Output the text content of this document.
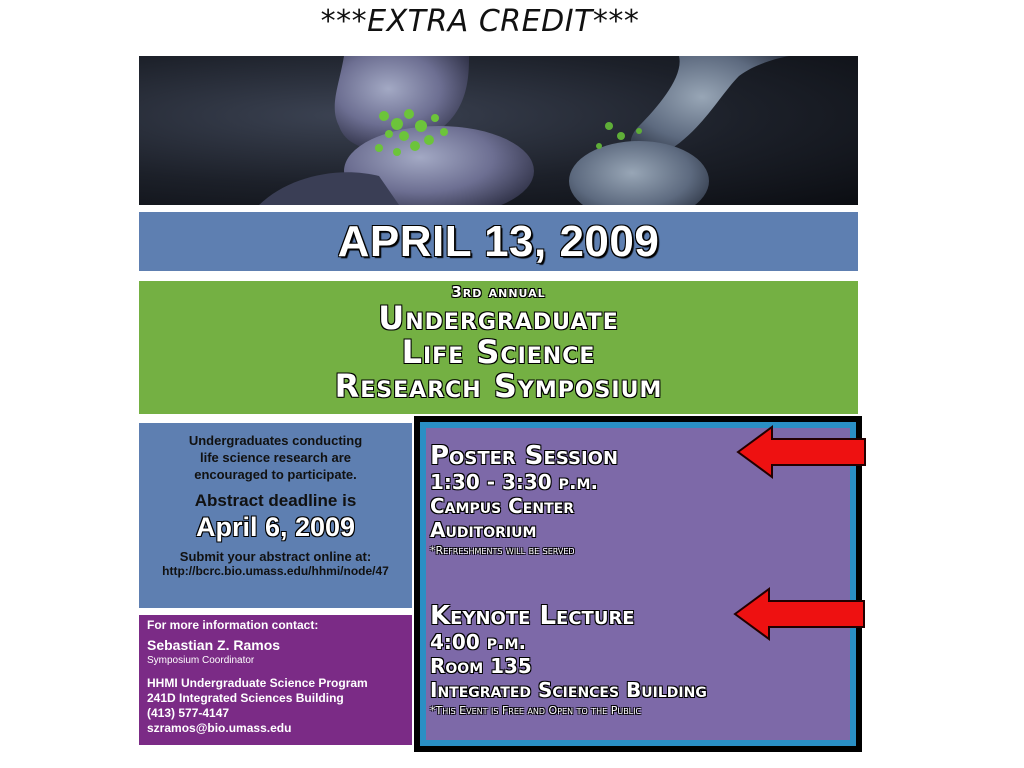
***EXTRA CREDIT***
APRIL 13, 2009
3rd annual
Undergraduate
Life Science
Research Symposium
Undergraduates conducting
life science research are
encouraged to participate.
Abstract deadline is
April 6, 2009
Submit your abstract online at:
http://bcrc.bio.umass.edu/hhmi/node/47
For more information contact:
Sebastian Z. Ramos
Symposium Coordinator
HHMI Undergraduate Science Program
241D Integrated Sciences Building
(413) 577-4147
szramos@bio.umass.edu
Poster Session
1:30 - 3:30 p.m.
Campus Center
Auditorium
*Refreshments will be served
Keynote Lecture
4:00 p.m.
Room 135
Integrated Sciences Building
*This Event is Free and Open to the Public
